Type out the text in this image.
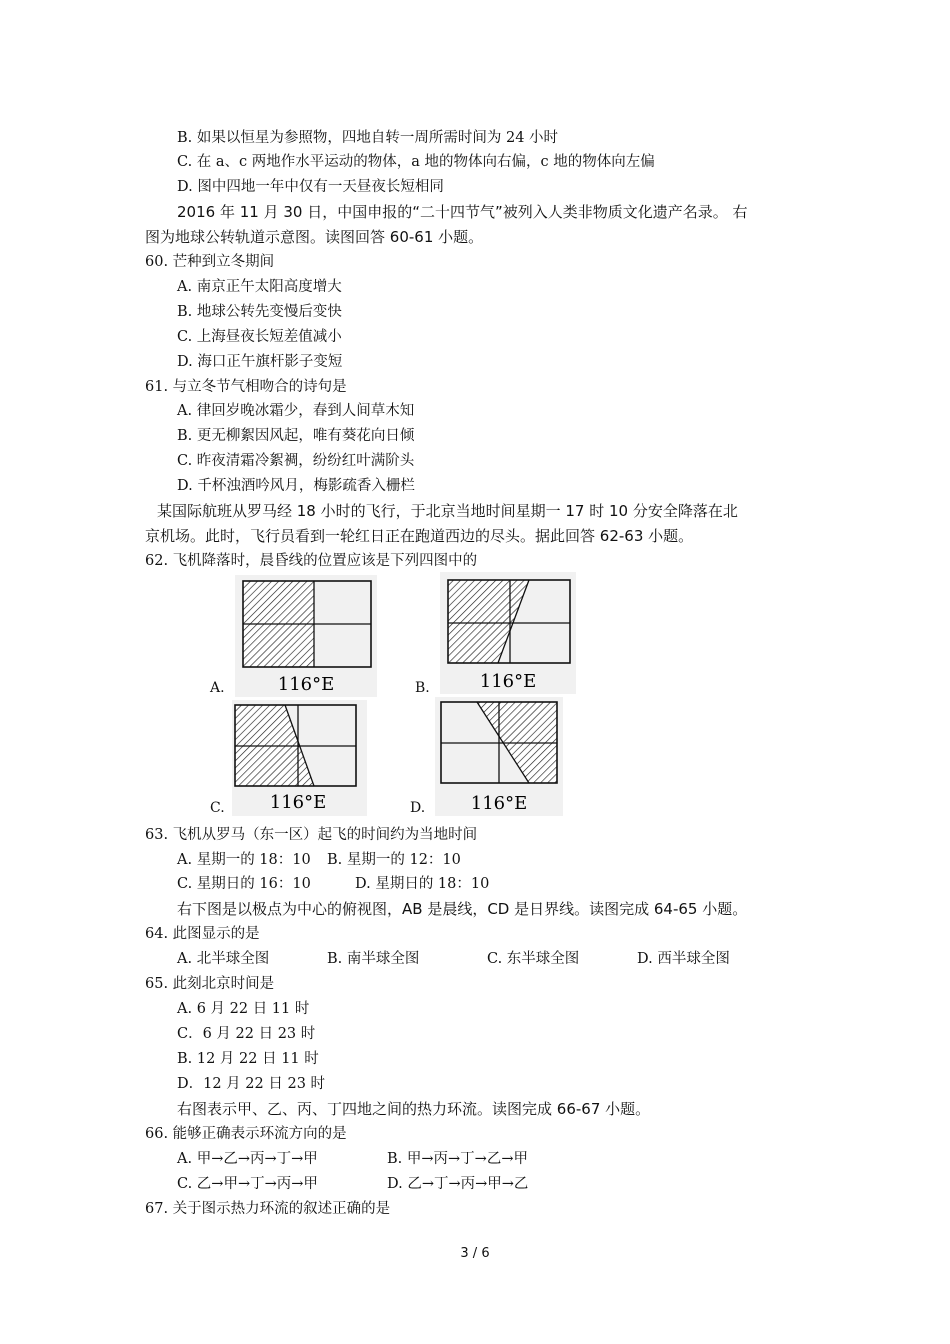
B. 如果以恒星为参照物，四地自转一周所需时间为 24 小时
C. 在 a、c 两地作水平运动的物体，a 地的物体向右偏，c 地的物体向左偏
D. 图中四地一年中仅有一天昼夜长短相同
2016 年 11 月 30 日，中国申报的“二十四节气”被列入人类非物质文化遗产名录。 右
图为地球公转轨道示意图。读图回答 60-61 小题。
60. 芒种到立冬期间
A. 南京正午太阳高度增大
B. 地球公转先变慢后变快
C. 上海昼夜长短差值减小
D. 海口正午旗杆影子变短
61. 与立冬节气相吻合的诗句是
A. 律回岁晚冰霜少，春到人间草木知
B. 更无柳絮因风起，唯有葵花向日倾
C. 昨夜清霜冷絮裯，纷纷红叶满阶头
D. 千杯浊酒吟风月，梅影疏香入栅栏
某国际航班从罗马经 18 小时的飞行，于北京当地时间星期一 17 时 10 分安全降落在北
京机场。此时，飞行员看到一轮红日正在跑道西边的尽头。据此回答 62-63 小题。
62. 飞机降落时，晨昏线的位置应该是下列四图中的
A.	116°E	B.	116°E
C.	116°E	D.	116°E
63. 飞机从罗马（东一区）起飞的时间约为当地时间
A. 星期一的 18：10 B. 星期一的 12：10
C. 星期日的 16：10	D. 星期日的 18：10
右下图是以极点为中心的俯视图，AB 是晨线，CD 是日界线。读图完成 64-65 小题。
64. 此图显示的是
A. 北半球全图	B. 南半球全图	C. 东半球全图	D. 西半球全图
65. 此刻北京时间是
A. 6 月 22 日 11 时
C．6 月 22 日 23 时
B. 12 月 22 日 11 时
D．12 月 22 日 23 时
右图表示甲、乙、丙、丁四地之间的热力环流。读图完成 66-67 小题。
66. 能够正确表示环流方向的是
A. 甲→乙→丙→丁→甲	B. 甲→丙→丁→乙→甲
C. 乙→甲→丁→丙→甲	D. 乙→丁→丙→甲→乙
67. 关于图示热力环流的叙述正确的是
3 / 6
